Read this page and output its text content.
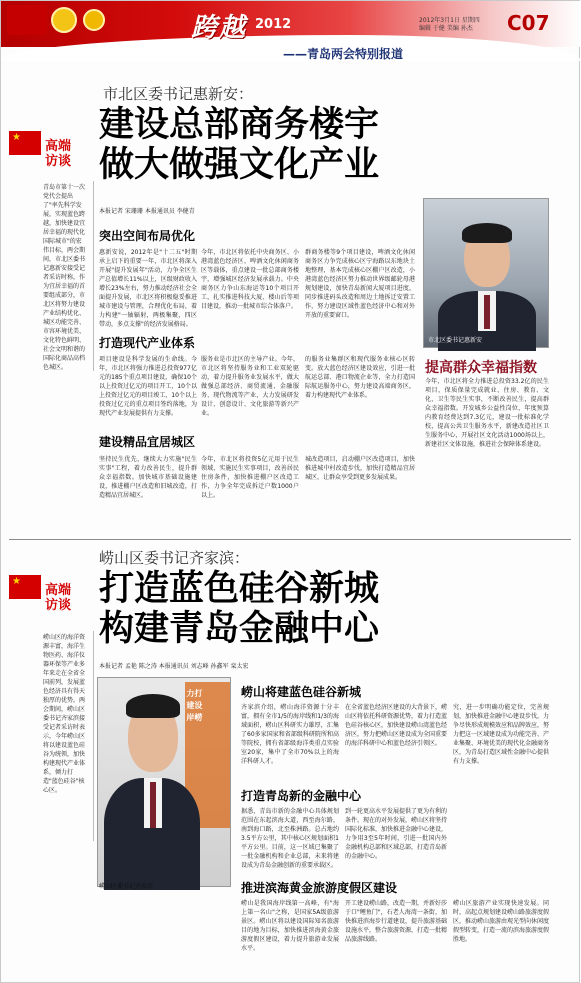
跨越 2012
——青岛两会特别报道
2012年3月1日 星期四
编辑 于健 美编 孙杰	C07
市北区委书记惠新安：
建设总部商务楼宇
做大做强文化产业
★
高端
访谈
青岛市第十一次党代会提出了"率先科学发展，实现蓝色跨越，加快建设宜居幸福的现代化国际城市"的宏伟目标，两会期间，市北区委书记惠新安接受记者采访时称，作为宜居幸福的首要组成部分，市北区将努力建设产业结构优化、城区功能完善、市容环境优美、文化特色鲜明、社会文明和谐的国际化商品高档色城区。
本报记者 宋珊珊 本报通讯员 李健青
突出空间布局优化
惠新安说，2012年是"十二五"时期承上启下的重要一年，市北区将深入开展"提升发展年"活动，力争全区生产总值增长11%以上，区级财政收入增长23%左右，努力推动经济社会全面提升发展，市北区将积极稳妥推进城市建设与管理，合理优化布局，着力构建"一轴辐射，两极集聚，四区带动，多点支撑"的经济发展格局。
今年，市北区将依托中央商务区、小港湾蓝色经济区、啤酒文化休闲商务区等载体，重点建设一批总部商务楼宇，增强城区经济发展承载力。中央商务区力争山东海运等10个项目开工，扎实推进科技大厦、楼山后等项目建设，推动一批城市综合体落户。
群商务楼等9个项目建设，啤酒文化休闲商务区力争完成核心区宁海路以东地块土地整理，基本完成核心区棚户区改造，小港湾蓝色经济区努力推动世界级邮轮母港规划建设，加快青岛新闻大厦项目进度，同步推进码头改造和周边土地拆迁安置工作，努力建设区域性蓝色经济中心和对外开放的重要窗口。
打造现代产业体系
项目建设是科学发展的生命线。今年，市北区将强力推进总投资977亿元的185个重点项目建设，确保10个以上投资过亿元的项目开工，10个以上投资过亿元的项目竣工，10个以上投资过亿元的重点项目签约落地，为现代产业发展提供有力支撑。
服务业是市北区的主导产业。今年，市北区将坚持服务业和工业双轮驱动，着力提升服务业发展水平，做大做强总部经济、商贸流通、金融服务、现代物流等产业，大力发展研发设计、创意设计、文化旅游等新兴产业。
的服务业集群区和现代服务业核心区转变。放大蓝色经济区建设效应，引进一批航运总部、港口物流企业等，全力打造国际航运服务中心，努力建设高端商务区，着力构建现代产业体系。
建设精品宜居城区
坚持民生优先，继续大力实施"民生实事"工程，着力改善民生，提升群众幸福指数。加快城市基础设施建设，推进棚户区改造和旧城改造，打造精品宜居城区。
今年，市北区将投资5亿元用于民生领域，实施民生实事项目，改善居民住房条件，加快推进棚户区改造工作，力争全年完成拆迁户数1000户以上。
城改造项目，启动棚户区改造项目，加快推进城中村改造步伐，加快打造精品宜居城区，让群众享受到更多发展成果。
市北区委书记惠新安
提高群众幸福指数
今年，市北区将全力推进总投资33.2亿的民生项目，保质保量完成就业、住房、教育、文化、卫生等民生实事，不断改善民生，提高群众幸福指数。开发城乡公益性岗位，年度预算内教育经费达到7.3亿元，建设一批标准化学校，提高公共卫生服务水平，新建改造社区卫生服务中心，开展社区文化活动1000场以上，新建社区文体设施，推进社会保障体系建设。
崂山区委书记齐家滨：
打造蓝色硅谷新城
构建青岛金融中心
★
高端
访谈
崂山区的海洋资源丰富，海洋生物医药、海洋仪器环保等产业多年来走在全省全国前列，发展蓝色经济具有得天独厚的优势。两会期间，崂山区委书记齐家滨接受记者采访时表示，今年崂山区将以建设蓝色硅谷为统领，加快构建现代产业体系，倾力打造"蓝色硅谷"核心区。
本报记者 孟艳 陈之涛 本报通讯员 刘志峰 孙鑫军 栾太宏
力打
建设
岸崂
崂山区委书记齐家滨
崂山将建蓝色硅谷新城
齐家滨介绍，崂山海洋资源十分丰富，拥有全市1/5的海岸线和1/3的海域面积，崂山区科研实力雄厚，汇集了60多家国家和省部级科研院所和高等院校，拥有省部级海洋类重点实验室20家，集中了全市70%以上的海洋科研人才。
在全省蓝色经济区建设的大背景下，崂山区将依托科研资源优势，着力打造蓝色硅谷核心区，加快建设崂山湾蓝色经济区，努力把崂山区建设成为全国重要的海洋科研中心和蓝色经济引领区。
究，进一步明确功能定位，完善规划，加快推进金融中心建设步伐，力争尽快形成规模效应和品牌效应，努力把这一区域建设成为功能完善、产业集聚、环境优美的现代化金融商务区，为青岛打造区域性金融中心提供有力支撑。
打造青岛新的金融中心
据悉，青岛市新的金融中心具体规划范围在东起滨海大道，西至海尔路，南到海口路，北至株洲路。总占地约3.5平方公里，其中核心区规划面积1平方公里。目前，这一区域已集聚了一批金融机构和企业总部，未来将建设成为青岛金融创新的重要承载区。
到一轮更高水平发展提供了更为有利的条件。现在的对外发展，崂山区将坚持国际化标准，加快推进金融中心建设，力争用3至5年时间，引进一批国内外金融机构总部和区域总部，打造青岛新的金融中心。
推进滨海黄金旅游度假区建设
崂山是我国海岸线第一高峰，有"海上第一名山"之称，是国家5A级旅游景区。崂山区将以建设国际知名旅游目的地为目标，加快推进滨海黄金旅游度假区建设，着力提升旅游业发展水平。
开工建设崂山路，改造一期，并新好莎于口"鲤鱼门"，石老人海湾一条街，加快推进滨海步行道建设，提升旅游基础设施水平，整合旅游资源，打造一批精品旅游线路。
崂山区旅游产业实现快速发展。同时，高起点规划建设崂山路旅游度假区，推动崂山旅游由观光型向休闲度假型转变，打造一流的滨海旅游度假胜地。
